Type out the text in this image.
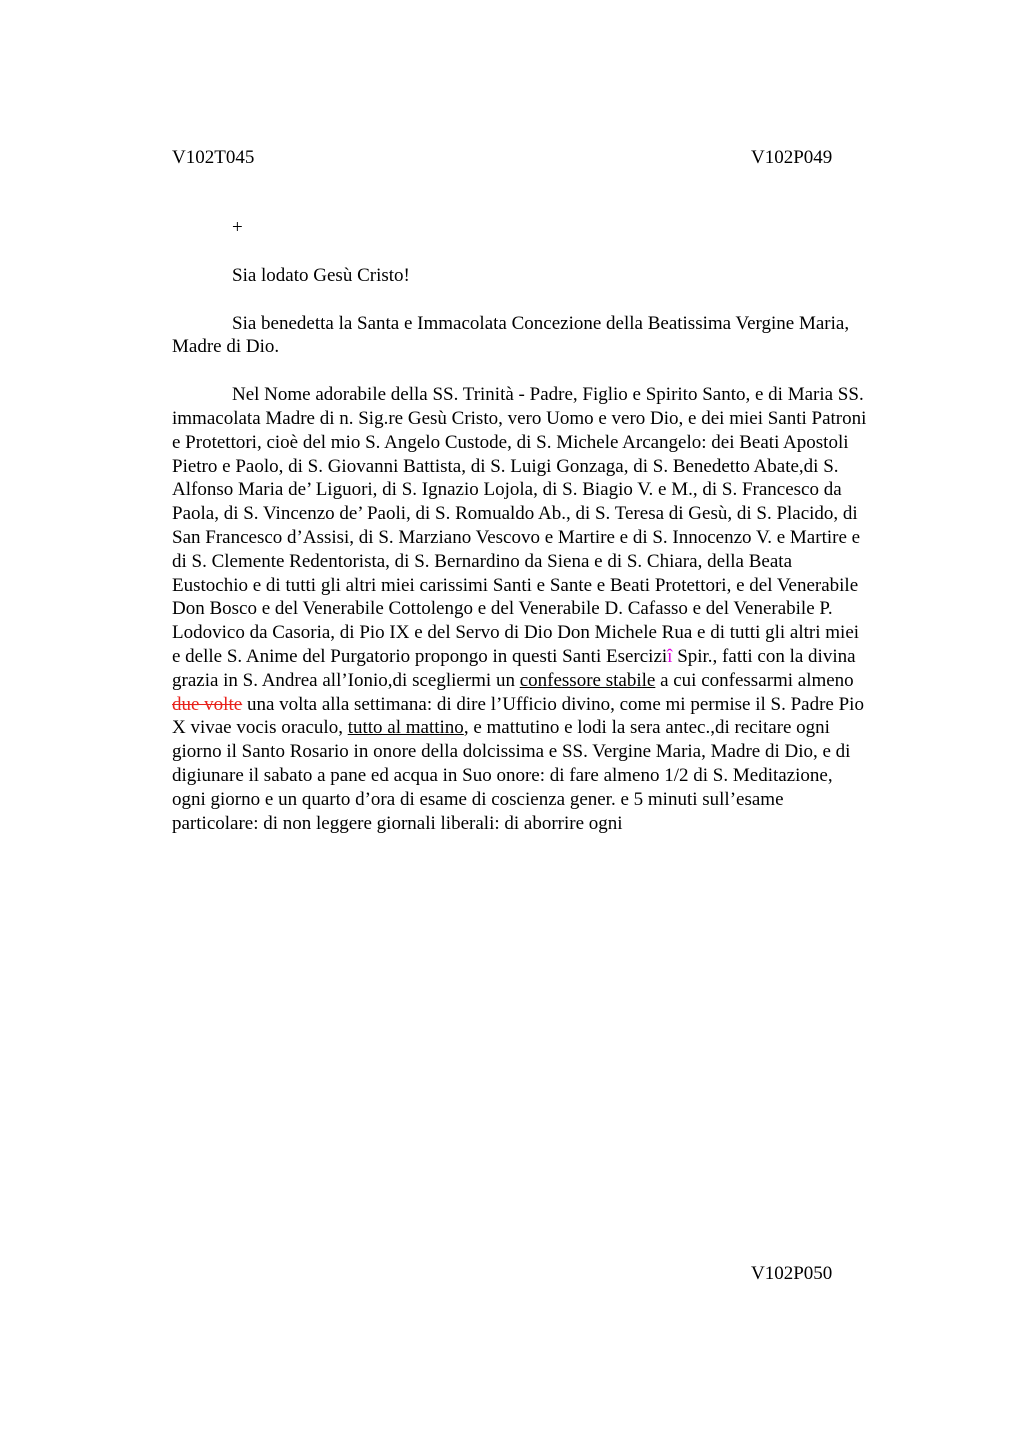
V102T045	V102P049

+

Sia lodato Gesù Cristo!

Sia benedetta la Santa e Immacolata Concezione della Beatissima Vergine Maria,
Madre di Dio.
Nel Nome adorabile della SS. Trinità - Padre, Figlio e Spirito Santo, e di Maria SS.
immacolata Madre di n. Sig.re Gesù Cristo, vero Uomo e vero Dio, e dei miei Santi Patroni
e Protettori, cioè del mio S. Angelo Custode, di S. Michele Arcangelo: dei Beati Apostoli
Pietro e Paolo, di S. Giovanni Battista, di S. Luigi Gonzaga, di S. Benedetto Abate,di S.
Alfonso Maria de’ Liguori, di S. Ignazio Lojola, di S. Biagio V. e M., di S. Francesco da
Paola, di S. Vincenzo de’ Paoli, di S. Romualdo Ab., di S. Teresa di Gesù, di S. Placido, di
San Francesco d’Assisi, di S. Marziano Vescovo e Martire e di S. Innocenzo V. e Martire e
di S. Clemente Redentorista, di S. Bernardino da Siena e di S. Chiara, della Beata
Eustochio e di tutti gli altri miei carissimi Santi e Sante e Beati Protettori, e del Venerabile
Don Bosco e del Venerabile Cottolengo e del Venerabile D. Cafasso e del Venerabile P.
Lodovico da Casoria, di Pio IX e del Servo di Dio Don Michele Rua e di tutti gli altri miei
e delle S. Anime del Purgatorio propongo in questi Santi Eserciziî Spir., fatti con la divina
grazia in S. Andrea all’Ionio,di scegliermi un confessore stabile a cui confessarmi almeno
due volte una volta alla settimana: di dire l’Ufficio divino, come mi permise il S. Padre Pio
X vivae vocis oraculo, tutto al mattino, e mattutino e lodi la sera antec.,di recitare ogni
giorno il Santo Rosario in onore della dolcissima e SS. Vergine Maria, Madre di Dio, e di
digiunare il sabato a pane ed acqua in Suo onore: di fare almeno 1/2 di S. Meditazione,
ogni giorno e un quarto d’ora di esame di coscienza gener. e 5 minuti sull’esame
particolare: di non leggere giornali liberali: di aborrire ogni
V102P050
